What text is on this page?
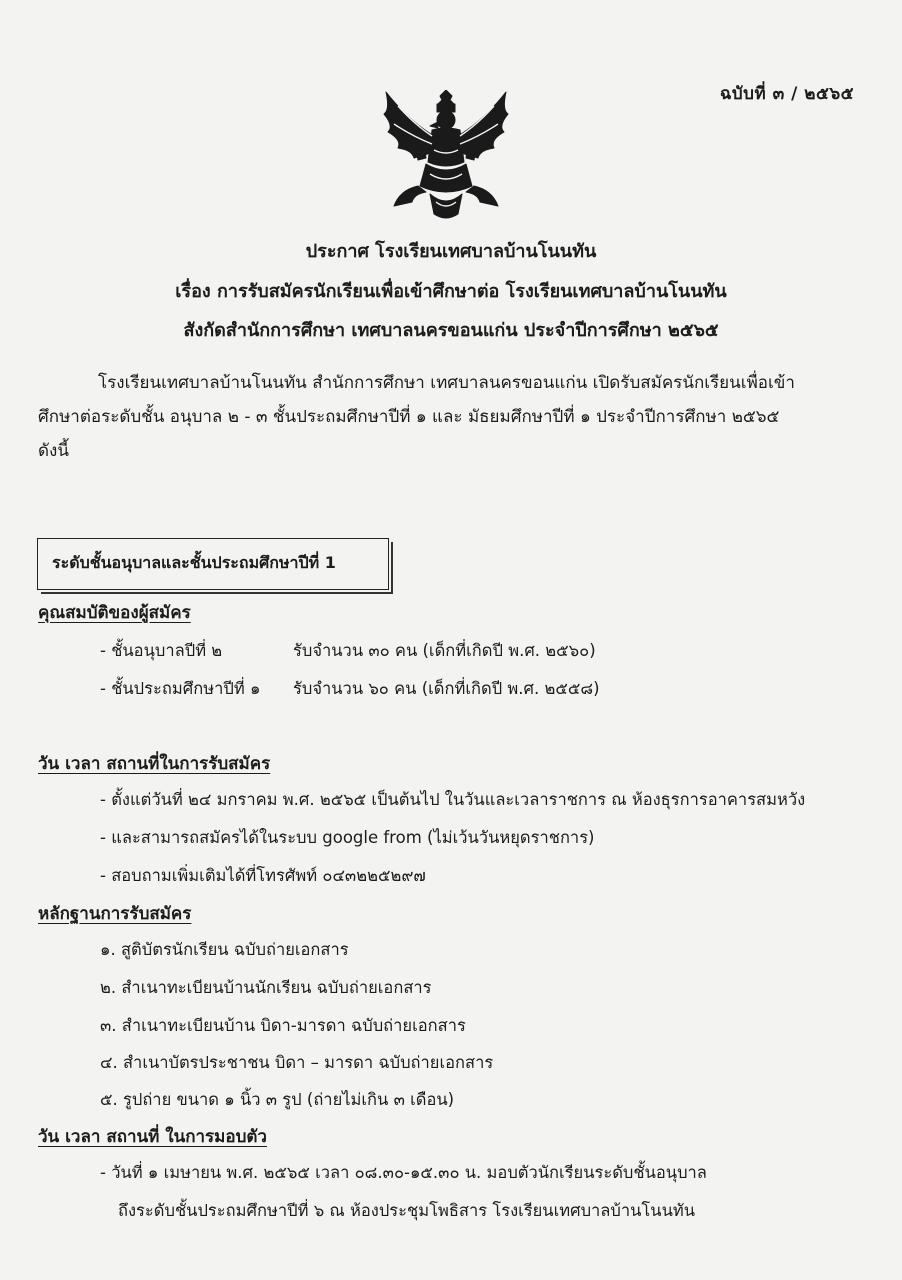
ฉบับที่ ๓ / ๒๕๖๕
ประกาศ โรงเรียนเทศบาลบ้านโนนทัน
เรื่อง การรับสมัครนักเรียนเพื่อเข้าศึกษาต่อ โรงเรียนเทศบาลบ้านโนนทัน
สังกัดสำนักการศึกษา เทศบาลนครขอนแก่น ประจำปีการศึกษา ๒๕๖๕
โรงเรียนเทศบาลบ้านโนนทัน สำนักการศึกษา เทศบาลนครขอนแก่น เปิดรับสมัครนักเรียนเพื่อเข้า
ศึกษาต่อระดับชั้น อนุบาล ๒ - ๓ ชั้นประถมศึกษาปีที่ ๑ และ มัธยมศึกษาปีที่ ๑ ประจำปีการศึกษา ๒๕๖๕
ดังนี้
ระดับชั้นอนุบาลและชั้นประถมศึกษาปีที่ 1
คุณสมบัติของผู้สมัคร
- ชั้นอนุบาลปีที่ ๒	รับจำนวน ๓๐ คน (เด็กที่เกิดปี พ.ศ. ๒๕๖๐)
- ชั้นประถมศึกษาปีที่ ๑ รับจำนวน ๖๐ คน (เด็กที่เกิดปี พ.ศ. ๒๕๕๘)
วัน เวลา สถานที่ในการรับสมัคร
- ตั้งแต่วันที่ ๒๔ มกราคม พ.ศ. ๒๕๖๕ เป็นต้นไป ในวันและเวลาราชการ ณ ห้องธุรการอาคารสมหวัง
- และสามารถสมัครได้ในระบบ google from (ไม่เว้นวันหยุดราชการ)
- สอบถามเพิ่มเติมได้ที่โทรศัพท์ ๐๔๓๒๒๕๒๙๗
หลักฐานการรับสมัคร
๑. สูติบัตรนักเรียน ฉบับถ่ายเอกสาร
๒. สำเนาทะเบียนบ้านนักเรียน ฉบับถ่ายเอกสาร
๓. สำเนาทะเบียนบ้าน บิดา-มารดา ฉบับถ่ายเอกสาร
๔. สำเนาบัตรประชาชน บิดา – มารดา ฉบับถ่ายเอกสาร
๕. รูปถ่าย ขนาด ๑ นิ้ว ๓ รูป (ถ่ายไม่เกิน ๓ เดือน)
วัน เวลา สถานที่ ในการมอบตัว
- วันที่ ๑ เมษายน พ.ศ. ๒๕๖๕ เวลา ๐๘.๓๐-๑๕.๓๐ น. มอบตัวนักเรียนระดับชั้นอนุบาล
ถึงระดับชั้นประถมศึกษาปีที่ ๖ ณ ห้องประชุมโพธิสาร โรงเรียนเทศบาลบ้านโนนทัน
